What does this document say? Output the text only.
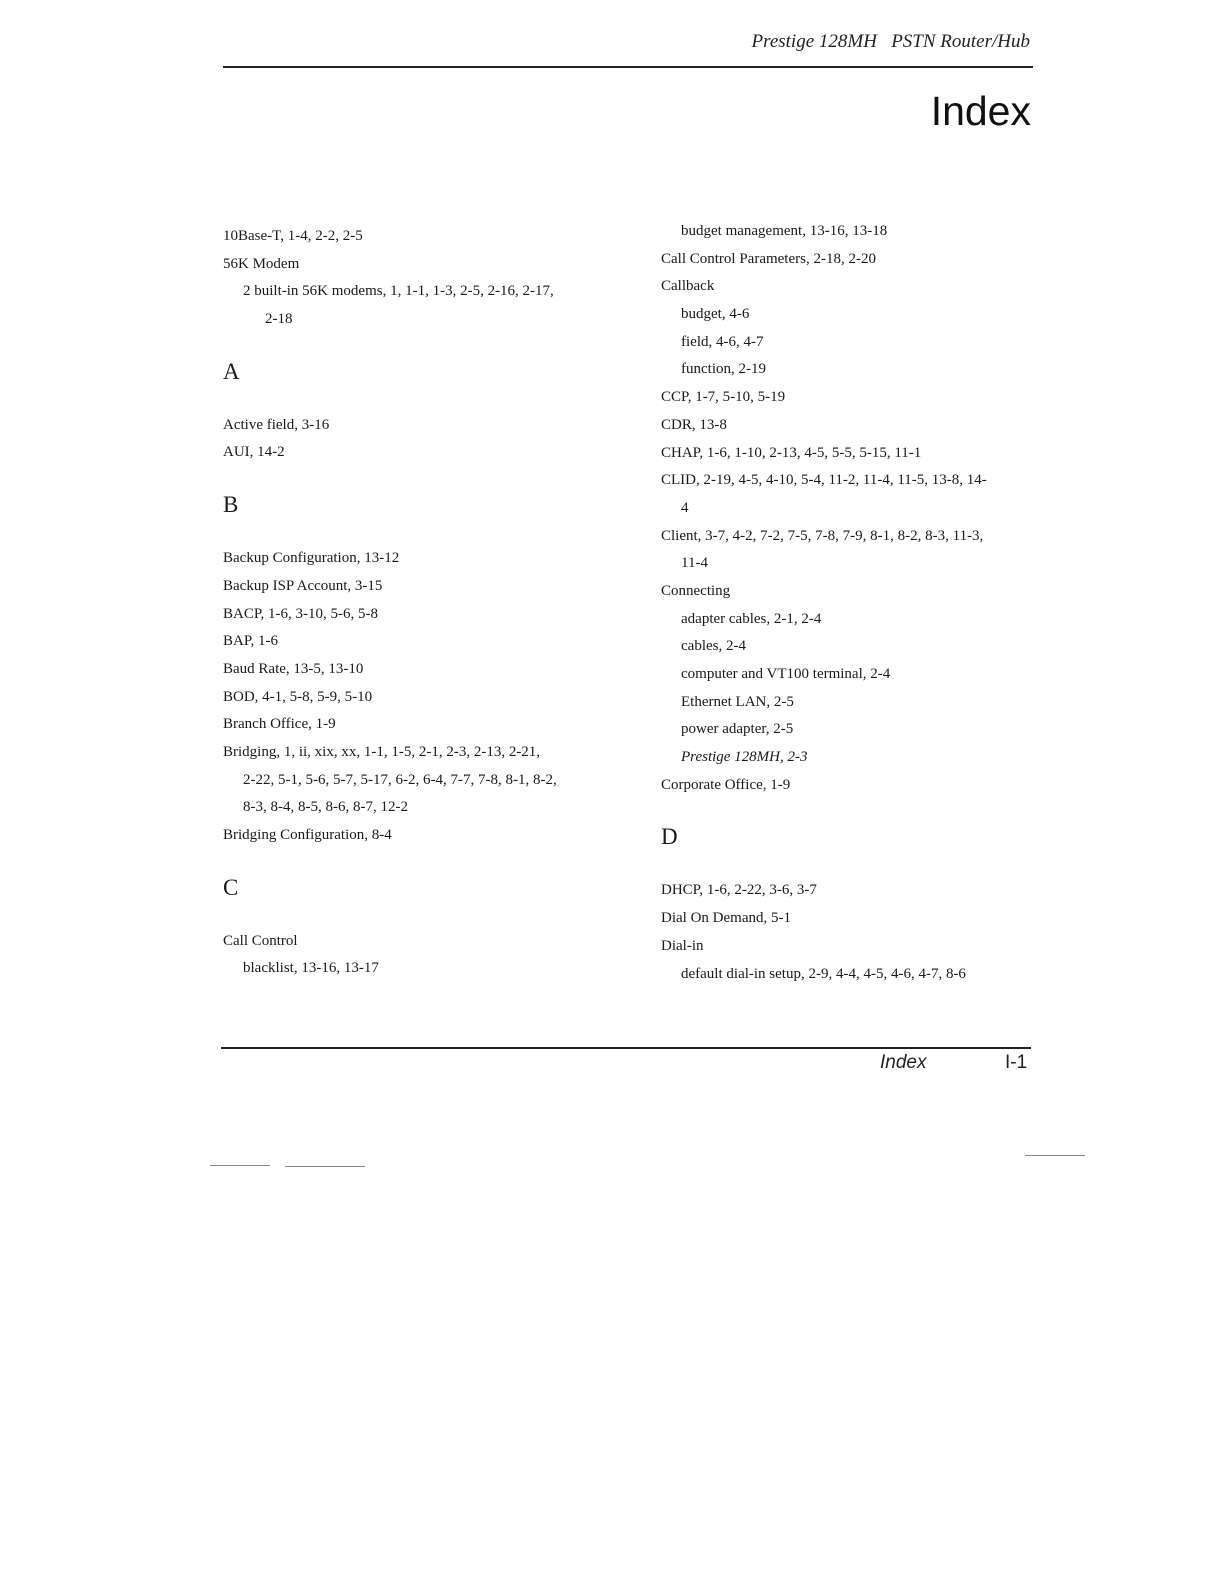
Prestige 128MH   PSTN Router/Hub
Index
10Base-T, 1-4, 2-2, 2-5
56K Modem
2 built-in 56K modems, 1, 1-1, 1-3, 2-5, 2-16, 2-17,
2-18
A
Active field, 3-16
AUI, 14-2
B
Backup Configuration, 13-12
Backup ISP Account, 3-15
BACP, 1-6, 3-10, 5-6, 5-8
BAP, 1-6
Baud Rate, 13-5, 13-10
BOD, 4-1, 5-8, 5-9, 5-10
Branch Office, 1-9
Bridging, 1, ii, xix, xx, 1-1, 1-5, 2-1, 2-3, 2-13, 2-21,
2-22, 5-1, 5-6, 5-7, 5-17, 6-2, 6-4, 7-7, 7-8, 8-1, 8-2,
8-3, 8-4, 8-5, 8-6, 8-7, 12-2
Bridging Configuration, 8-4
C
Call Control
blacklist, 13-16, 13-17
budget management, 13-16, 13-18
Call Control Parameters, 2-18, 2-20
Callback
budget, 4-6
field, 4-6, 4-7
function, 2-19
CCP, 1-7, 5-10, 5-19
CDR, 13-8
CHAP, 1-6, 1-10, 2-13, 4-5, 5-5, 5-15, 11-1
CLID, 2-19, 4-5, 4-10, 5-4, 11-2, 11-4, 11-5, 13-8, 14-
4
Client, 3-7, 4-2, 7-2, 7-5, 7-8, 7-9, 8-1, 8-2, 8-3, 11-3,
11-4
Connecting
adapter cables, 2-1, 2-4
cables, 2-4
computer and VT100 terminal, 2-4
Ethernet LAN, 2-5
power adapter, 2-5
Prestige 128MH, 2-3
Corporate Office, 1-9
D
DHCP, 1-6, 2-22, 3-6, 3-7
Dial On Demand, 5-1
Dial-in
default dial-in setup, 2-9, 4-4, 4-5, 4-6, 4-7, 8-6
Index	I-1
